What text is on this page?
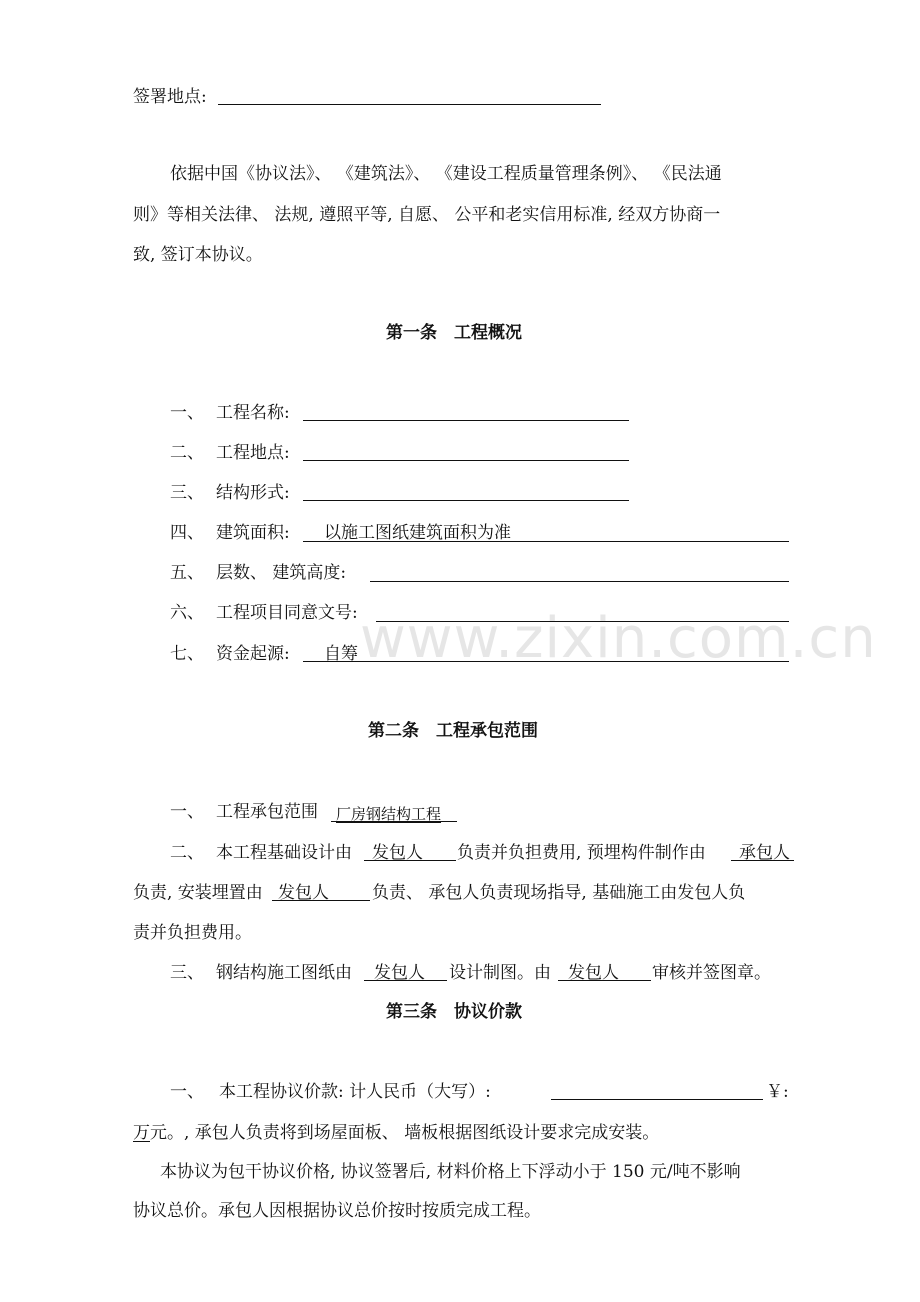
www.zixin.com.cn
签署地点:
依据中国《协议法》、 《建筑法》、 《建设工程质量管理条例》、 《民法通
则》等相关法律、 法规, 遵照平等, 自愿、 公平和老实信用标准, 经双方协商一
致, 签订本协议。
第一条　工程概况
一、 工程名称:
二、 工程地点:
三、 结构形式:
四、 建筑面积: 以施工图纸建筑面积为准
五、 层数、 建筑高度:
六、 工程项目同意文号:
七、 资金起源: 自筹
第二条　工程承包范围
一、 工程承包范围 厂房钢结构工程
二、 本工程基础设计由 发包人 负责并负担费用, 预埋构件制作由 承包人
负责, 安装埋置由 发包人	负责、 承包人负责现场指导, 基础施工由发包人负
责并负担费用。
三、 钢结构施工图纸由 发包人 设计制图。由 发包人 审核并签图章。
第三条　协议价款
一、 本工程协议价款: 计人民币（大写）:	￥:
万 元。, 承包人负责将到场屋面板、 墙板根据图纸设计要求完成安装。
本协议为包干协议价格, 协议签署后, 材料价格上下浮动小于 150 元/吨不影响
协议总价。承包人因根据协议总价按时按质完成工程。
